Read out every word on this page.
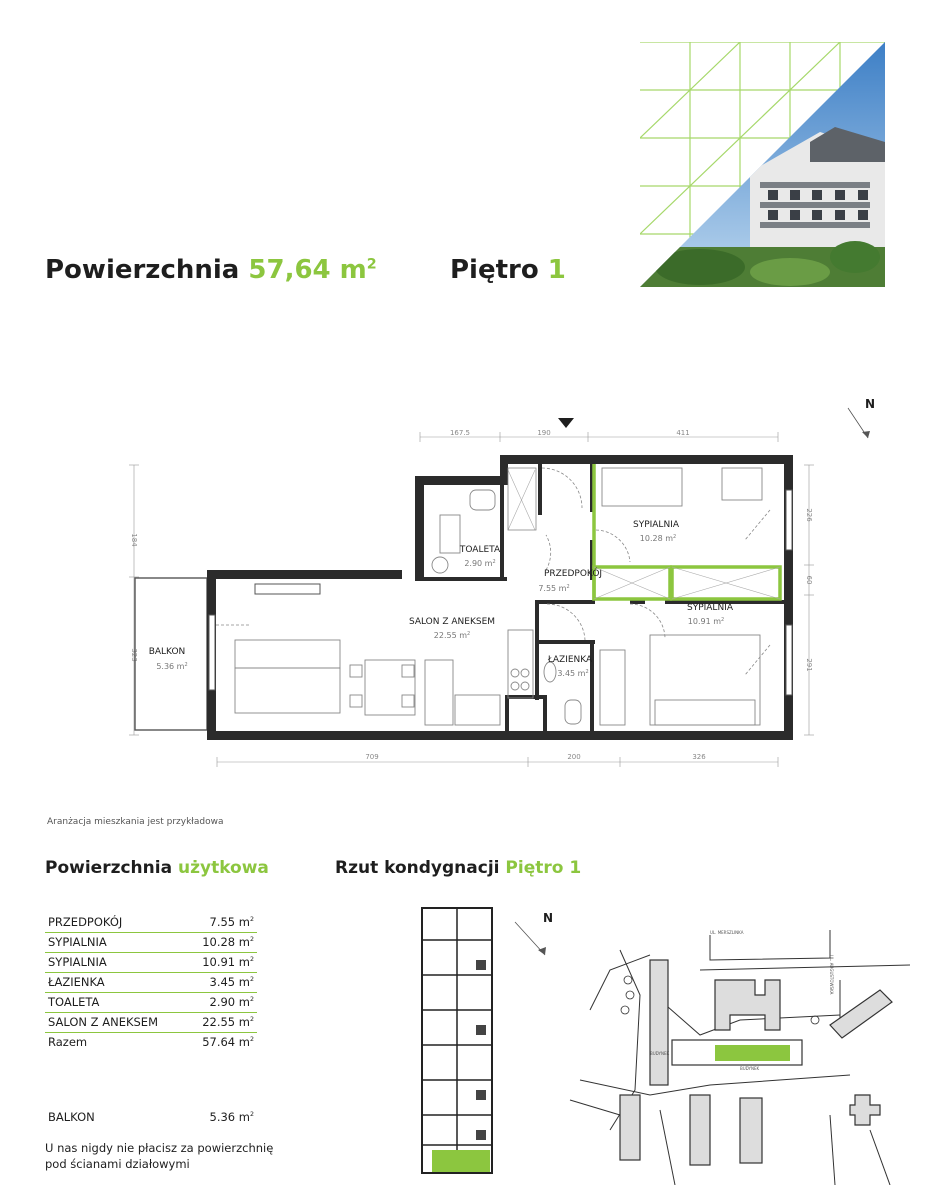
Powierzchnia 57,64 $m^2$	Piętro 1
N
167.5	190	411
709	200	326
184
323
226
60
291
TOALETA
PRZEDPOKÓJ
SYPIALNIA
SYPIALNIA
SALON Z ANEKSEM
ŁAZIENKA
BALKON
2.90 $m^2$
7.55 $m^2$
10.28 $m^2$
10.91 $m^2$
22.55 $m^2$
3.45 $m^2$
5.36 $m^2$
Aranżacja mieszkania jest przykładowa
Powierzchnia użytkowa
PRZEDPOKÓJ	7.55 $m^2$
SYPIALNIA	10.28 $m^2$
SYPIALNIA	10.91 $m^2$
ŁAZIENKA	3.45 $m^2$
TOALETA	2.90 $m^2$
SALON Z ANEKSEM	22.55 $m^2$
Razem	57.64 $m^2$
BALKON	5.36 $m^2$
U nas nigdy nie płacisz za powierzchnię pod ścianami działowymi
Rzut kondygnacji Piętro 1
N
UL. MERSZLINKA
UL. AUGUSTOWSKA
BUDYNEK
BUDYNEK
